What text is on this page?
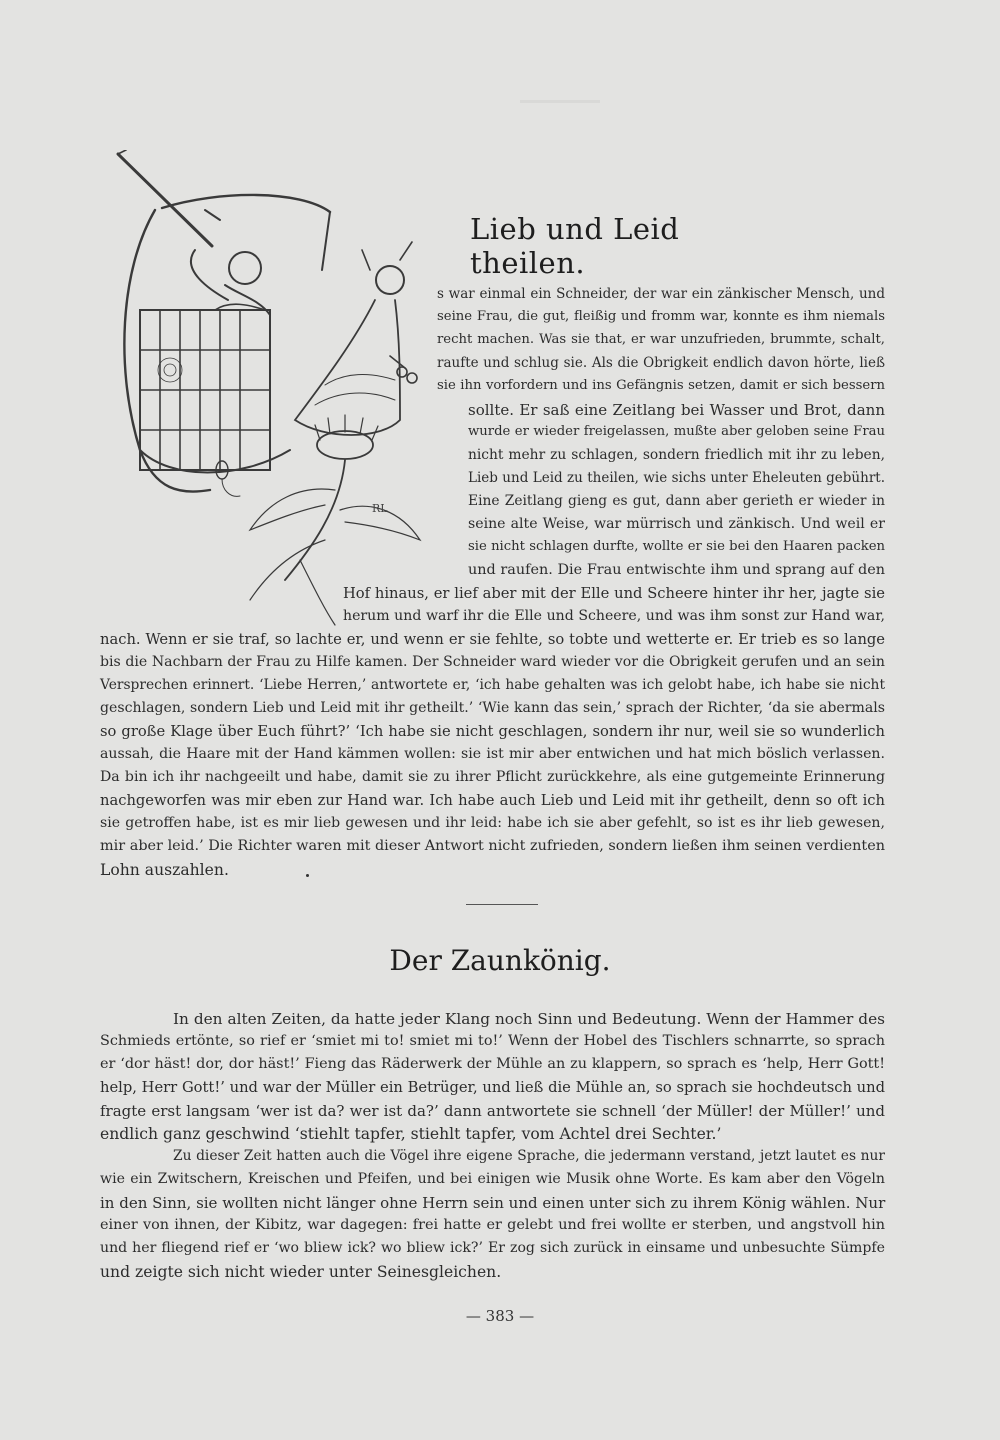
RL
Lieb und Leid theilen.

s war einmal ein Schneider, der war ein zänkischer Mensch, und

seine Frau, die gut, fleißig und fromm war, konnte es ihm niemals

recht machen. Was sie that, er war unzufrieden, brummte, schalt,

raufte und schlug sie. Als die Obrigkeit endlich davon hörte, ließ

sie ihn vorfordern und ins Gefängnis setzen, damit er sich bessern

sollte. Er saß eine Zeitlang bei Wasser und Brot, dann

wurde er wieder freigelassen, mußte aber geloben seine Frau

nicht mehr zu schlagen, sondern friedlich mit ihr zu leben,

Lieb und Leid zu theilen, wie sichs unter Eheleuten gebührt.

Eine Zeitlang gieng es gut, dann aber gerieth er wieder in

seine alte Weise, war mürrisch und zänkisch. Und weil er

sie nicht schlagen durfte, wollte er sie bei den Haaren packen

und raufen. Die Frau entwischte ihm und sprang auf den

Hof hinaus, er lief aber mit der Elle und Scheere hinter ihr her, jagte sie

herum und warf ihr die Elle und Scheere, und was ihm sonst zur Hand war,

nach. Wenn er sie traf, so lachte er, und wenn er sie fehlte, so tobte und wetterte er. Er trieb es so lange

bis die Nachbarn der Frau zu Hilfe kamen. Der Schneider ward wieder vor die Obrigkeit gerufen und an sein

Versprechen erinnert. ‘Liebe Herren,’ antwortete er, ‘ich habe gehalten was ich gelobt habe, ich habe sie nicht

geschlagen, sondern Lieb und Leid mit ihr getheilt.’ ‘Wie kann das sein,’ sprach der Richter, ‘da sie abermals

so große Klage über Euch führt?’ ‘Ich habe sie nicht geschlagen, sondern ihr nur, weil sie so wunderlich

aussah, die Haare mit der Hand kämmen wollen: sie ist mir aber entwichen und hat mich böslich verlassen.

Da bin ich ihr nachgeeilt und habe, damit sie zu ihrer Pflicht zurückkehre, als eine gutgemeinte Erinnerung

nachgeworfen was mir eben zur Hand war. Ich habe auch Lieb und Leid mit ihr getheilt, denn so oft ich

sie getroffen habe, ist es mir lieb gewesen und ihr leid: habe ich sie aber gefehlt, so ist es ihr lieb gewesen,

mir aber leid.’ Die Richter waren mit dieser Antwort nicht zufrieden, sondern ließen ihm seinen verdienten

Lohn auszahlen.

Der Zaunkönig.

In den alten Zeiten, da hatte jeder Klang noch Sinn und Bedeutung. Wenn der Hammer des

Schmieds ertönte, so rief er ‘smiet mi to! smiet mi to!’ Wenn der Hobel des Tischlers schnarrte, so sprach

er ‘dor häst! dor, dor häst!’ Fieng das Räderwerk der Mühle an zu klappern, so sprach es ‘help, Herr Gott!

help, Herr Gott!’ und war der Müller ein Betrüger, und ließ die Mühle an, so sprach sie hochdeutsch und

fragte erst langsam ‘wer ist da? wer ist da?’ dann antwortete sie schnell ‘der Müller! der Müller!’ und

endlich ganz geschwind ‘stiehlt tapfer, stiehlt tapfer, vom Achtel drei Sechter.’

Zu dieser Zeit hatten auch die Vögel ihre eigene Sprache, die jedermann verstand, jetzt lautet es nur

wie ein Zwitschern, Kreischen und Pfeifen, und bei einigen wie Musik ohne Worte. Es kam aber den Vögeln

in den Sinn, sie wollten nicht länger ohne Herrn sein und einen unter sich zu ihrem König wählen. Nur

einer von ihnen, der Kibitz, war dagegen: frei hatte er gelebt und frei wollte er sterben, und angstvoll hin

und her fliegend rief er ‘wo bliew ick? wo bliew ick?’ Er zog sich zurück in einsame und unbesuchte Sümpfe

und zeigte sich nicht wieder unter Seinesgleichen.

— 383 —
